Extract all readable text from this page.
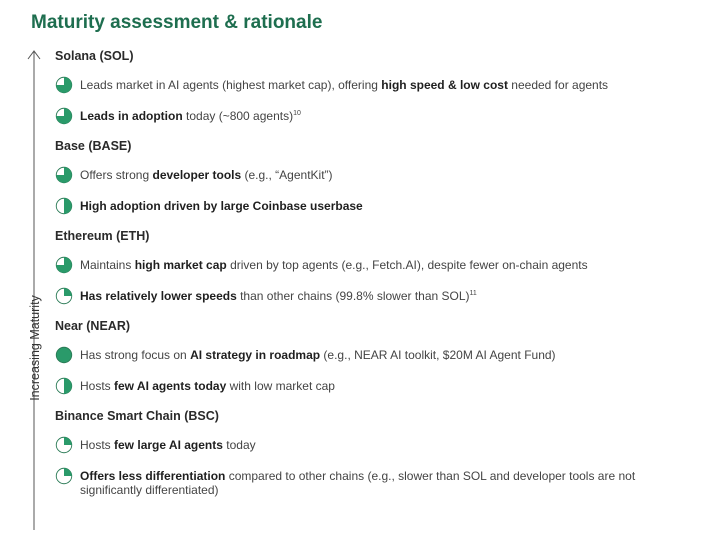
Maturity assessment & rationale
Increasing Maturity
Solana (SOL)
Leads market in AI agents (highest market cap), offering high speed & low cost needed for agents
Leads in adoption today (~800 agents)$^{10}$
Base (BASE)
Offers strong developer tools (e.g., “AgentKit”)
High adoption driven by large Coinbase userbase
Ethereum (ETH)
Maintains high market cap driven by top agents (e.g., Fetch.AI), despite fewer on-chain agents
Has relatively lower speeds than other chains (99.8% slower than SOL)$^{11}$
Near (NEAR)
Has strong focus on AI strategy in roadmap (e.g., NEAR AI toolkit, $20M AI Agent Fund)
Hosts few AI agents today with low market cap
Binance Smart Chain (BSC)
Hosts few large AI agents today
Offers less differentiation compared to other chains (e.g., slower than SOL and developer tools are not significantly differentiated)
